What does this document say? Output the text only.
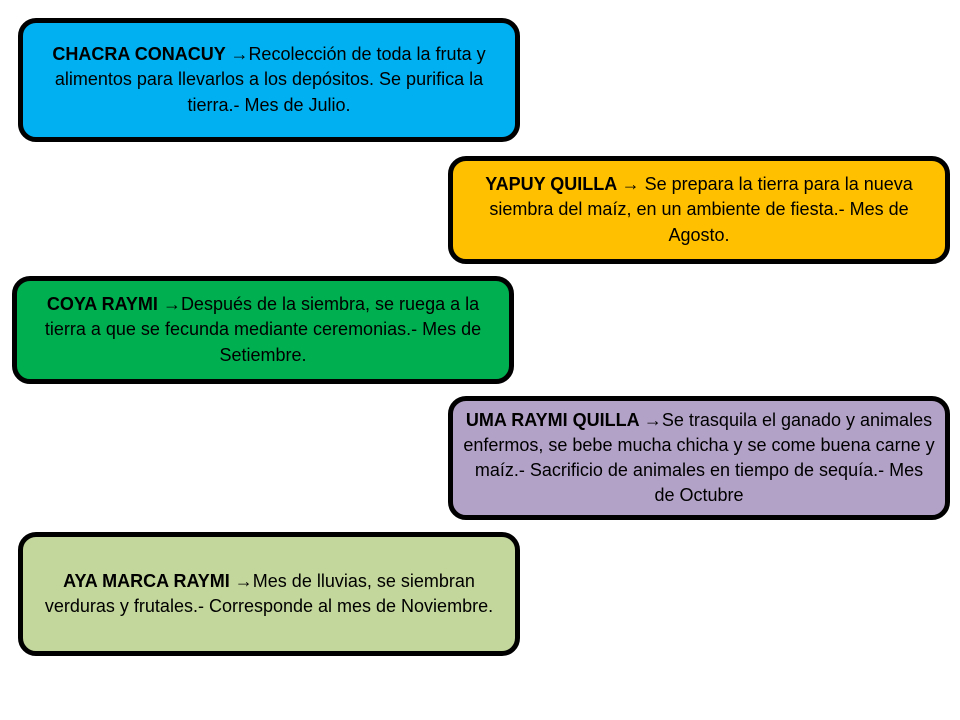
CHACRA CONACUY →Recolección de toda la fruta y alimentos para llevarlos a los depósitos. Se purifica la tierra.- Mes de Julio.
YAPUY QUILLA → Se prepara la tierra para la nueva siembra del maíz, en un ambiente de fiesta.- Mes de Agosto.
COYA RAYMI →Después de la siembra, se ruega a la tierra a que se fecunda mediante ceremonias.- Mes de Setiembre.
UMA RAYMI QUILLA →Se trasquila el ganado y animales enfermos, se bebe mucha chicha y se come buena carne y maíz.- Sacrificio de animales en tiempo de sequía.- Mes de Octubre
AYA MARCA RAYMI →Mes de lluvias, se siembran verduras y frutales.- Corresponde al mes de Noviembre.
